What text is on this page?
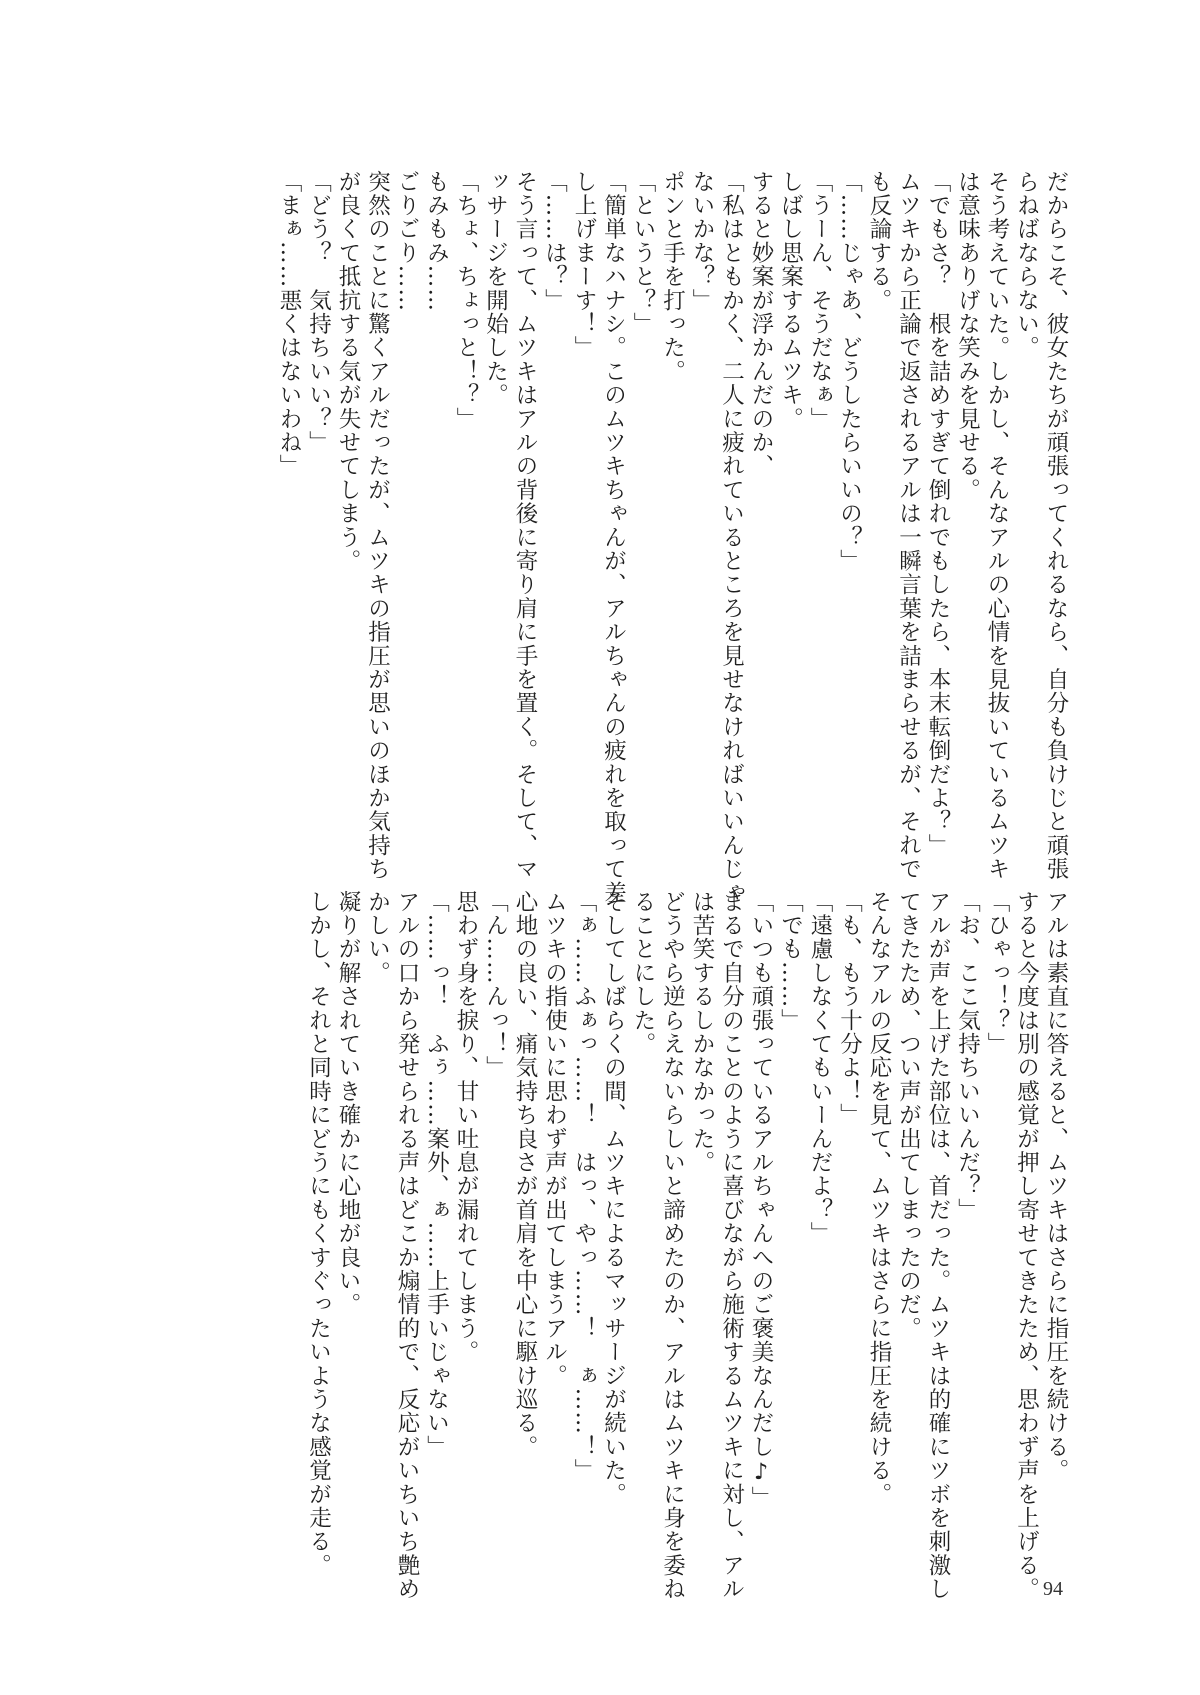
だからこそ、彼女たちが頑張ってくれるなら、自分も負けじと頑張
らねばならない。
そう考えていた。しかし、そんなアルの心情を見抜いているムツキ
は意味ありげな笑みを見せる。
「でもさ？　根を詰めすぎて倒れでもしたら、本末転倒だよ？」
ムツキから正論で返されるアルは一瞬言葉を詰まらせるが、それで
も反論する。
「……じゃあ、どうしたらいいの？」
「うーん、そうだなぁ」
しばし思案するムツキ。
すると妙案が浮かんだのか、
「私はともかく、二人に疲れているところを見せなければいいんじゃ
ないかな？」
ポンと手を打った。
「というと？」
「簡単なハナシ。このムツキちゃんが、アルちゃんの疲れを取って差
し上げまーす！」
「……は？」
そう言って、ムツキはアルの背後に寄り肩に手を置く。そして、マ
ッサージを開始した。
「ちょ、ちょっと！？」
もみもみ……
ごりごり……
突然のことに驚くアルだったが、ムツキの指圧が思いのほか気持ち
が良くて抵抗する気が失せてしまう。
「どう？　気持ちいい？」
「まぁ……悪くはないわね」
アルは素直に答えると、ムツキはさらに指圧を続ける。
すると今度は別の感覚が押し寄せてきたため、思わず声を上げる。
「ひゃっ！？」
「お、ここ気持ちいいんだ？」
アルが声を上げた部位は、首だった。ムツキは的確にツボを刺激し
てきたため、つい声が出てしまったのだ。
そんなアルの反応を見て、ムツキはさらに指圧を続ける。
「も、もう十分よ！」
「遠慮しなくてもいーんだよ？」
「でも……」
「いつも頑張っているアルちゃんへのご褒美なんだし♪」
まるで自分のことのように喜びながら施術するムツキに対し、アル
は苦笑するしかなかった。
どうやら逆らえないらしいと諦めたのか、アルはムツキに身を委ね
ることにした。
そしてしばらくの間、ムツキによるマッサージが続いた。
「ぁ……ふぁっ……！　はっ、やっ……！　ぁ……！」
ムツキの指使いに思わず声が出てしまうアル。
心地の良い、痛気持ち良さが首肩を中心に駆け巡る。
「ん……んっ！」
思わず身を捩り、甘い吐息が漏れてしまう。
「……っ！　ふぅ……案外、ぁ……上手いじゃない」
アルの口から発せられる声はどこか煽情的で、反応がいちいち艶め
かしい。
凝りが解されていき確かに心地が良い。
しかし、それと同時にどうにもくすぐったいような感覚が走る。
94
